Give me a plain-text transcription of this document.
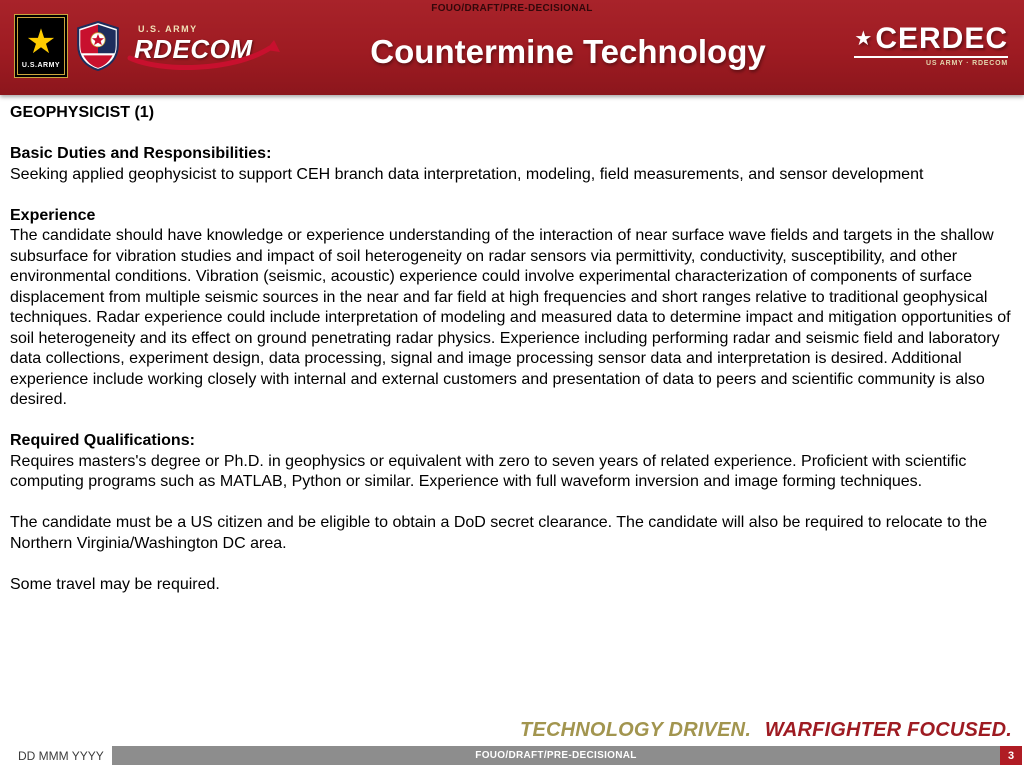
FOUO/DRAFT/PRE-DECISIONAL
★
U.S.ARMY
U.S. ARMY
RDECOM	Countermine Technology	★ CERDEC
US ARMY · RDECOM
GEOPHYSICIST (1)
Basic Duties and Responsibilities:

Seeking applied geophysicist to support CEH branch data interpretation, modeling, field measurements, and sensor development

Experience

The candidate should have knowledge or experience understanding of the interaction of near surface wave fields and targets in the shallow subsurface for vibration studies and impact of soil heterogeneity on radar sensors via permittivity, conductivity, susceptibility, and other environmental conditions. Vibration (seismic, acoustic) experience could involve experimental characterization of components of surface displacement from multiple seismic sources in the near and far field at high frequencies and short ranges relative to traditional geophysical techniques. Radar experience could include interpretation of modeling and measured data to determine impact and mitigation opportunities of soil heterogeneity and its effect on ground penetrating radar physics. Experience including performing radar and seismic field and laboratory data collections, experiment design, data processing, signal and image processing sensor data and interpretation is desired. Additional experience include working closely with internal and external customers and presentation of data to peers and scientific community is also desired.

Required Qualifications:

Requires masters's degree or Ph.D. in geophysics or equivalent with zero to seven years of related experience. Proficient with scientific computing programs such as MATLAB, Python or similar. Experience with full waveform inversion and image forming techniques.

The candidate must be a US citizen and be eligible to obtain a DoD secret clearance. The candidate will also be required to relocate to the Northern Virginia/Washington DC area.

Some travel may be required.

TECHNOLOGY DRIVEN. WARFIGHTER FOCUSED.
DD MMM YYYY	FOUO/DRAFT/PRE-DECISIONAL	3
